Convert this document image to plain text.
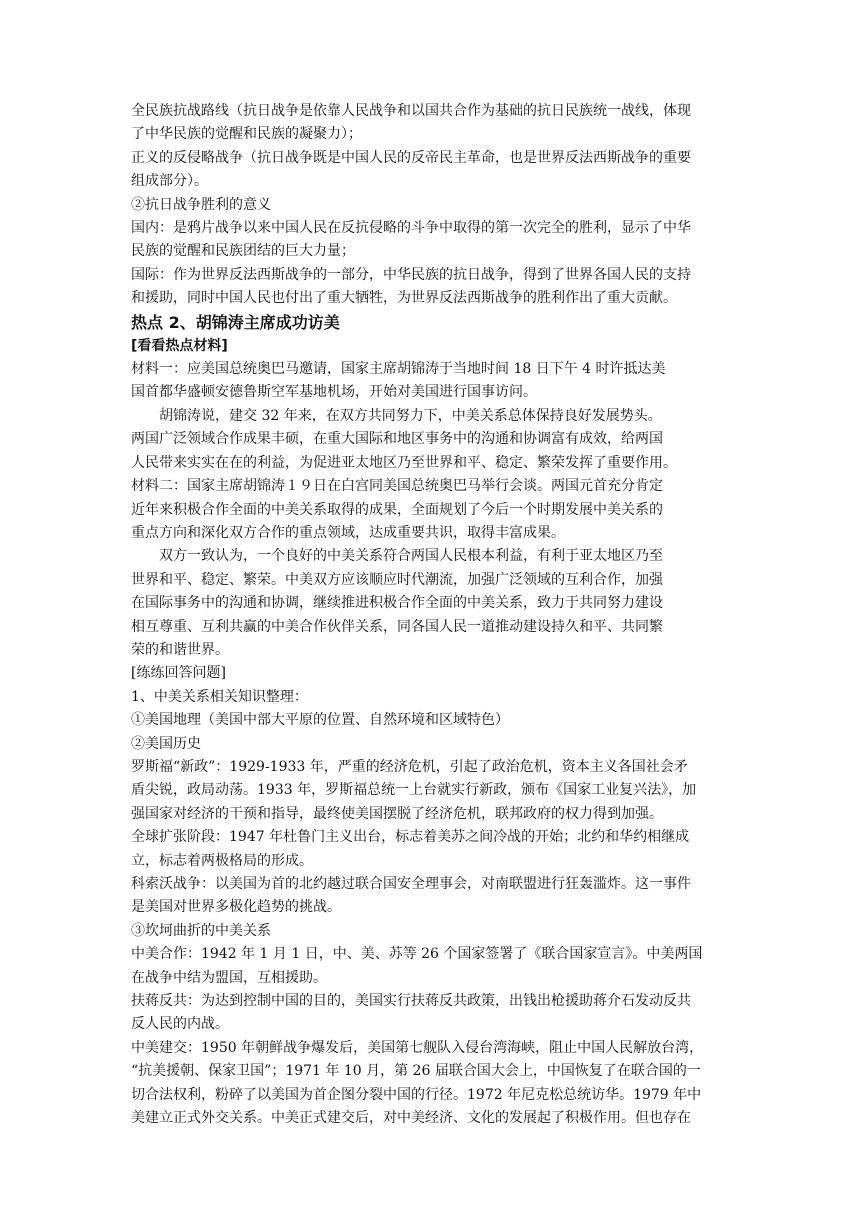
全民族抗战路线（抗日战争是依靠人民战争和以国共合作为基础的抗日民族统一战线，体现

了中华民族的觉醒和民族的凝聚力）；

正义的反侵略战争（抗日战争既是中国人民的反帝民主革命，也是世界反法西斯战争的重要

组成部分）。

②抗日战争胜利的意义

国内：是鸦片战争以来中国人民在反抗侵略的斗争中取得的第一次完全的胜利，显示了中华

民族的觉醒和民族团结的巨大力量；

国际：作为世界反法西斯战争的一部分，中华民族的抗日战争，得到了世界各国人民的支持

和援助，同时中国人民也付出了重大牺牲，为世界反法西斯战争的胜利作出了重大贡献。

热点 2、胡锦涛主席成功访美
[看看热点材料]

材料一：应美国总统奥巴马邀请，国家主席胡锦涛于当地时间 18 日下午 4 时许抵达美

国首都华盛顿安德鲁斯空军基地机场，开始对美国进行国事访问。

胡锦涛说，建交 32 年来，在双方共同努力下，中美关系总体保持良好发展势头。

两国广泛领域合作成果丰硕，在重大国际和地区事务中的沟通和协调富有成效，给两国

人民带来实实在在的利益，为促进亚太地区乃至世界和平、稳定、繁荣发挥了重要作用。

材料二：国家主席胡锦涛１９日在白宫同美国总统奥巴马举行会谈。两国元首充分肯定

近年来积极合作全面的中美关系取得的成果，全面规划了今后一个时期发展中美关系的

重点方向和深化双方合作的重点领域，达成重要共识，取得丰富成果。

双方一致认为，一个良好的中美关系符合两国人民根本利益，有利于亚太地区乃至

世界和平、稳定、繁荣。中美双方应该顺应时代潮流，加强广泛领域的互利合作，加强

在国际事务中的沟通和协调，继续推进积极合作全面的中美关系，致力于共同努力建设

相互尊重、互利共赢的中美合作伙伴关系，同各国人民一道推动建设持久和平、共同繁

荣的和谐世界。

[练练回答问题]

1、中美关系相关知识整理：

①美国地理（美国中部大平原的位置、自然环境和区域特色）

②美国历史

罗斯福“新政”：1929-1933 年，严重的经济危机，引起了政治危机，资本主义各国社会矛

盾尖锐，政局动荡。1933 年，罗斯福总统一上台就实行新政，颁布《国家工业复兴法》，加

强国家对经济的干预和指导，最终使美国摆脱了经济危机，联邦政府的权力得到加强。

全球扩张阶段：1947 年杜鲁门主义出台，标志着美苏之间冷战的开始；北约和华约相继成

立，标志着两极格局的形成。

科索沃战争：以美国为首的北约越过联合国安全理事会，对南联盟进行狂轰滥炸。这一事件

是美国对世界多极化趋势的挑战。

③坎坷曲折的中美关系

中美合作：1942 年 1 月 1 日，中、美、苏等 26 个国家签署了《联合国家宣言》。中美两国

在战争中结为盟国，互相援助。

扶蒋反共：为达到控制中国的目的，美国实行扶蒋反共政策，出钱出枪援助蒋介石发动反共

反人民的内战。

中美建交：1950 年朝鲜战争爆发后，美国第七舰队入侵台湾海峡，阻止中国人民解放台湾，

“抗美援朝、保家卫国”；1971 年 10 月，第 26 届联合国大会上，中国恢复了在联合国的一

切合法权利，粉碎了以美国为首企图分裂中国的行径。1972 年尼克松总统访华。1979 年中

美建立正式外交关系。中美正式建交后，对中美经济、文化的发展起了积极作用。但也存在
